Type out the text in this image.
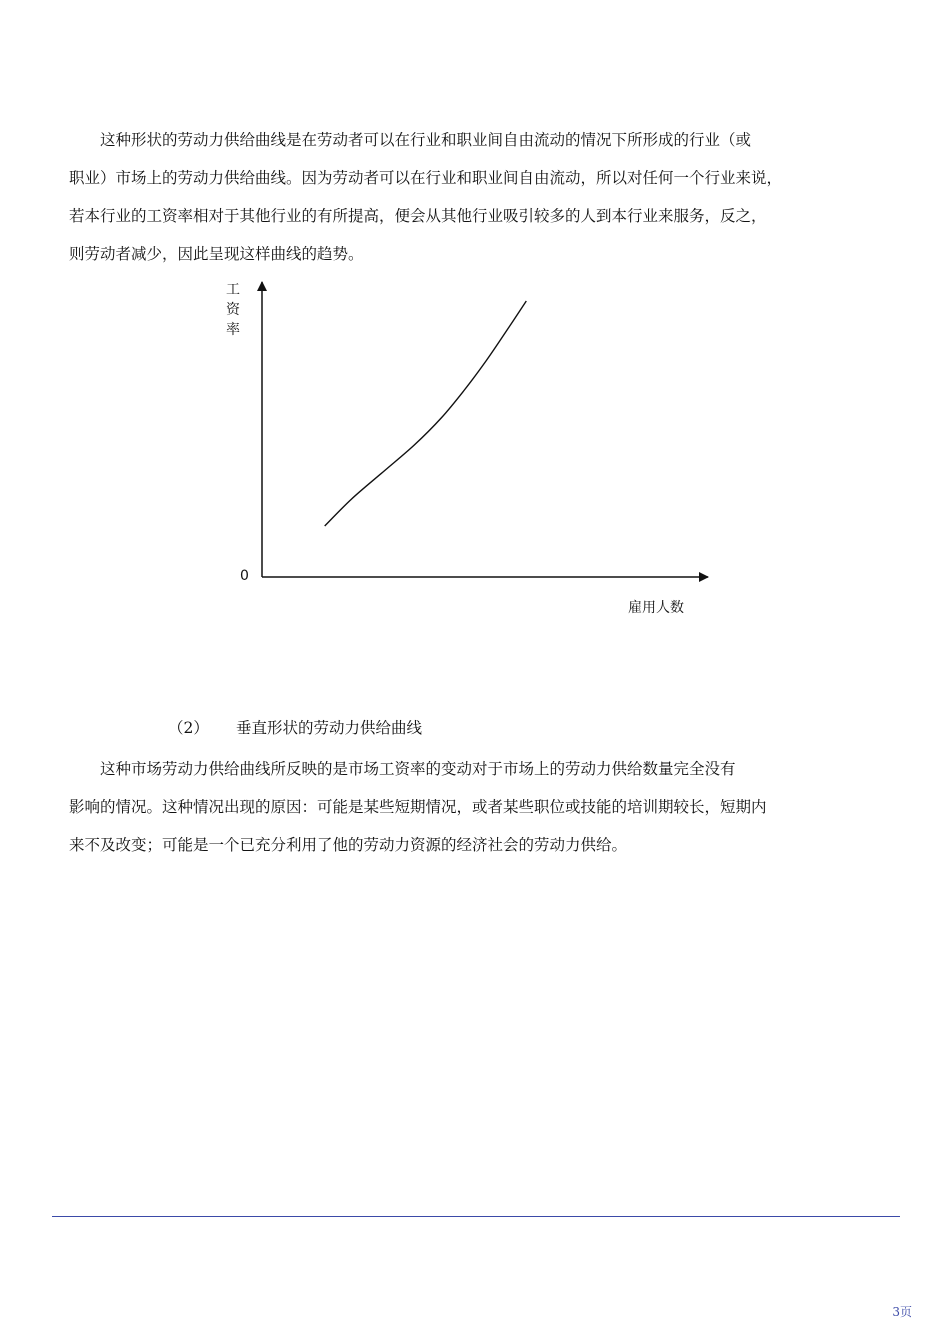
　　这种形状的劳动力供给曲线是在劳动者可以在行业和职业间自由流动的情况下所形成的行业（或
职业）市场上的劳动力供给曲线。因为劳动者可以在行业和职业间自由流动，所以对任何一个行业来说，
若本行业的工资率相对于其他行业的有所提高，便会从其他行业吸引较多的人到本行业来服务，反之，
则劳动者减少，因此呈现这样曲线的趋势。

工
资
率
0
雇用人数
（2） 垂直形状的劳动力供给曲线

　　这种市场劳动力供给曲线所反映的是市场工资率的变动对于市场上的劳动力供给数量完全没有
影响的情况。这种情况出现的原因：可能是某些短期情况，或者某些职位或技能的培训期较长，短期内
来不及改变；可能是一个已充分利用了他的劳动力资源的经济社会的劳动力供给。

3页
